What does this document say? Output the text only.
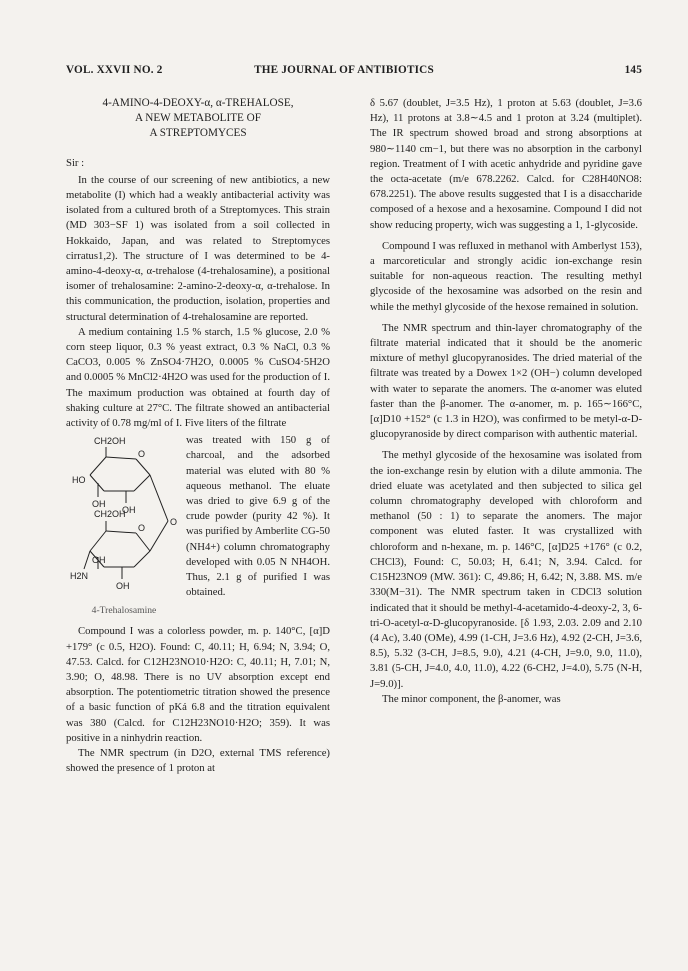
VOL. XXVII NO. 2	THE JOURNAL OF ANTIBIOTICS	145
4-AMINO-4-DEOXY-α, α-TREHALOSE,
A NEW METABOLITE OF
A STREPTOMYCES

Sir :

In the course of our screening of new antibiotics, a new metabolite (I) which had a weakly antibacterial activity was isolated from a cultured broth of a Streptomyces. This strain (MD 303−SF 1) was isolated from a soil collected in Hokkaido, Japan, and was related to Streptomyces cirratus1,2). The structure of I was determined to be 4-amino-4-deoxy-α, α-trehalose (4-trehalosamine), a positional isomer of trehalosamine: 2-amino-2-deoxy-α, α-trehalose. In this communication, the production, isolation, properties and structural determination of 4-trehalosamine are reported.

A medium containing 1.5 % starch, 1.5 % glucose, 2.0 % corn steep liquor, 0.3 % yeast extract, 0.3 % NaCl, 0.3 % CaCO3, 0.005 % ZnSO4·7H2O, 0.0005 % CuSO4·5H2O and 0.0005 % MnCl2·4H2O was used for the production of I. The maximum production was obtained at fourth day of shaking culture at 27°C. The filtrate showed an antibacterial activity of 0.78 mg/ml of I. Five liters of the filtrate

CH2OH
O
OH
HO
OH
CH2OH
O
OH
O
H2N
OH
4-Trehalosamine
was treated with 150 g of charcoal, and the adsorbed material was eluted with 80 % aqueous methanol. The eluate was dried to give 6.9 g of the crude powder (purity 42 %). It was purified by Amberlite CG-50 (NH4+) column chromatography developed with 0.05 N NH4OH. Thus, 2.1 g of purified I was obtained.

Compound I was a colorless powder, m. p. 140°C, [α]D +179° (c 0.5, H2O). Found: C, 40.11; H, 6.94; N, 3.94; O, 47.53. Calcd. for C12H23NO10·H2O: C, 40.11; H, 7.01; N, 3.90; O, 48.98. There is no UV absorption except end absorption. The potentiometric titration showed the presence of a basic function of pKá 6.8 and the titration equivalent was 380 (Calcd. for C12H23NO10·H2O; 359). It was positive in a ninhydrin reaction.

The NMR spectrum (in D2O, external TMS reference) showed the presence of 1 proton at

δ 5.67 (doublet, J=3.5 Hz), 1 proton at 5.63 (doublet, J=3.6 Hz), 11 protons at 3.8∼4.5 and 1 proton at 3.24 (multiplet). The IR spectrum showed broad and strong absorptions at 980∼1140 cm−1, but there was no absorption in the carbonyl region. Treatment of I with acetic anhydride and pyridine gave the octa-acetate (m/e 678.2262. Calcd. for C28H40NO8: 678.2251). The above results suggested that I is a disaccharide composed of a hexose and a hexosamine. Compound I did not show reducing property, wich was suggesting a 1, 1-glycoside.

Compound I was refluxed in methanol with Amberlyst 153), a marcoreticular and strongly acidic ion-exchange resin suitable for non-aqueous reaction. The resulting methyl glycoside of the hexosamine was adsorbed on the resin and while the methyl glycoside of the hexose remained in solution.

The NMR spectrum and thin-layer chromatography of the filtrate material indicated that it should be the anomeric mixture of methyl glucopyranosides. The dried material of the filtrate was treated by a Dowex 1×2 (OH−) column developed with water to separate the anomers. The α-anomer was eluted faster than the β-anomer. The α-anomer, m. p. 165∼166°C, [α]D10 +152° (c 1.3 in H2O), was confirmed to be metyl-α-D-glucopyranoside by direct comparison with authentic material.

The methyl glycoside of the hexosamine was isolated from the ion-exchange resin by elution with a dilute ammonia. The dried eluate was acetylated and then subjected to silica gel column chromatography developed with chloroform and methanol (50 : 1) to separate the anomers. The major component was eluted faster. It was crystallized with chloroform and n-hexane, m. p. 146°C, [α]D25 +176° (c 0.2, CHCl3), Found: C, 50.03; H, 6.41; N, 3.94. Calcd. for C15H23NO9 (MW. 361): C, 49.86; H, 6.42; N, 3.88. MS. m/e 330(M−31). The NMR spectrum taken in CDCl3 solution indicated that it should be methyl-4-acetamido-4-deoxy-2, 3, 6-tri-O-acetyl-α-D-glucopyranoside. [δ 1.93, 2.03. 2.09 and 2.10 (4 Ac), 3.40 (OMe), 4.99 (1-CH, J=3.6 Hz), 4.92 (2-CH, J=3.6, 8.5), 5.32 (3-CH, J=8.5, 9.0), 4.21 (4-CH, J=9.0, 9.0, 11.0), 3.81 (5-CH, J=4.0, 4.0, 11.0), 4.22 (6-CH2, J=4.0), 5.75 (N-H, J=9.0)].

The minor component, the β-anomer, was
